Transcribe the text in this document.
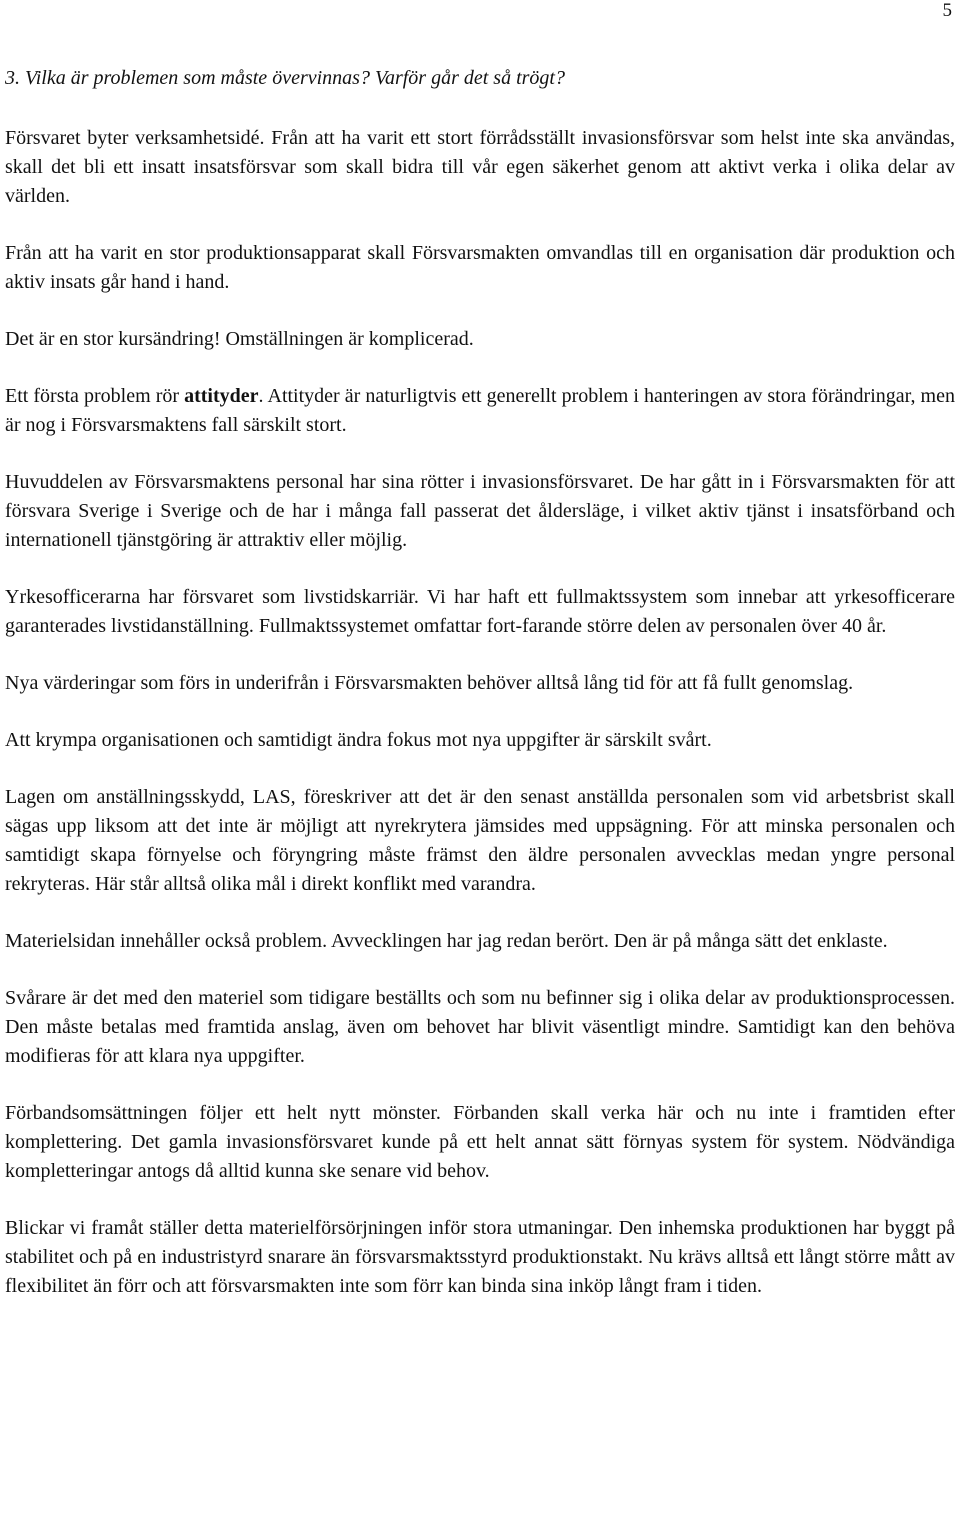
5
3. Vilka är problemen som måste övervinnas? Varför går det så trögt?

Försvaret byter verksamhetsidé. Från att ha varit ett stort förrådsställt invasionsförsvar som helst inte ska användas, skall det bli ett insatt insatsförsvar som skall bidra till vår egen säkerhet genom att aktivt verka i olika delar av världen.

Från att ha varit en stor produktionsapparat skall Försvarsmakten omvandlas till en organisation där produktion och aktiv insats går hand i hand.

Det är en stor kursändring! Omställningen är komplicerad.

Ett första problem rör attityder. Attityder är naturligtvis ett generellt problem i hanteringen av stora förändringar, men är nog i Försvarsmaktens fall särskilt stort.

Huvuddelen av Försvarsmaktens personal har sina rötter i invasionsförsvaret. De har gått in i Försvarsmakten för att försvara Sverige i Sverige och de har i många fall passerat det åldersläge, i vilket aktiv tjänst i insatsförband och internationell tjänstgöring är attraktiv eller möjlig.

Yrkesofficerarna har försvaret som livstidskarriär. Vi har haft ett fullmaktssystem som innebar att yrkesofficerare garanterades livstidanställning. Fullmaktssystemet omfattar fort-farande större delen av personalen över 40 år.

Nya värderingar som förs in underifrån i Försvarsmakten behöver alltså lång tid för att få fullt genomslag.

Att krympa organisationen och samtidigt ändra fokus mot nya uppgifter är särskilt svårt.

Lagen om anställningsskydd, LAS, föreskriver att det är den senast anställda personalen som vid arbetsbrist skall sägas upp liksom att det inte är möjligt att nyrekrytera jämsides med uppsägning. För att minska personalen och samtidigt skapa förnyelse och föryngring måste främst den äldre personalen avvecklas medan yngre personal rekryteras. Här står alltså olika mål i direkt konflikt med varandra.

Materielsidan innehåller också problem. Avvecklingen har jag redan berört. Den är på många sätt det enklaste.

Svårare är det med den materiel som tidigare beställts och som nu befinner sig i olika delar av produktionsprocessen. Den måste betalas med framtida anslag, även om behovet har blivit väsentligt mindre. Samtidigt kan den behöva modifieras för att klara nya uppgifter.

Förbandsomsättningen följer ett helt nytt mönster. Förbanden skall verka här och nu inte i framtiden efter komplettering. Det gamla invasionsförsvaret kunde på ett helt annat sätt förnyas system för system. Nödvändiga kompletteringar antogs då alltid kunna ske senare vid behov.

Blickar vi framåt ställer detta materielförsörjningen inför stora utmaningar. Den inhemska produktionen har byggt på stabilitet och på en industristyrd snarare än försvarsmaktsstyrd produktionstakt. Nu krävs alltså ett långt större mått av flexibilitet än förr och att försvarsmakten inte som förr kan binda sina inköp långt fram i tiden.
